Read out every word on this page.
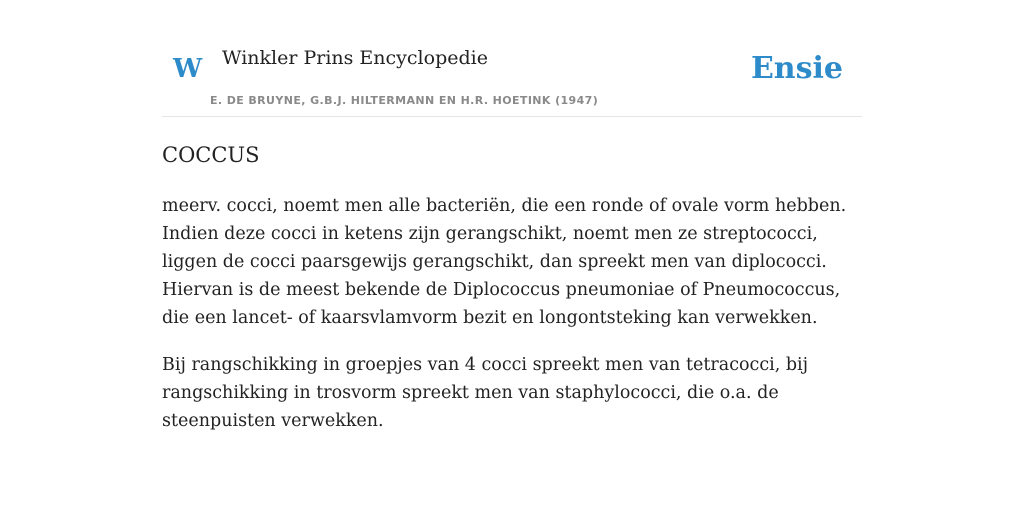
W Winkler Prins Encyclopedie
E. DE BRUYNE, G.B.J. HILTERMANN EN H.R. HOETINK (1947)
Ensie
COCCUS

meerv. cocci, noemt men alle bacteriën, die een ronde of ovale vorm hebben. Indien deze cocci in ketens zijn gerangschikt, noemt men ze streptococci, liggen de cocci paarsgewijs gerangschikt, dan spreekt men van diplococci. Hiervan is de meest bekende de Diplococcus pneumoniae of Pneumococcus, die een lancet- of kaarsvlamvorm bezit en longontsteking kan verwekken.

Bij rangschikking in groepjes van 4 cocci spreekt men van tetracocci, bij rangschikking in trosvorm spreekt men van staphylococci, die o.a. de steenpuisten verwekken.
